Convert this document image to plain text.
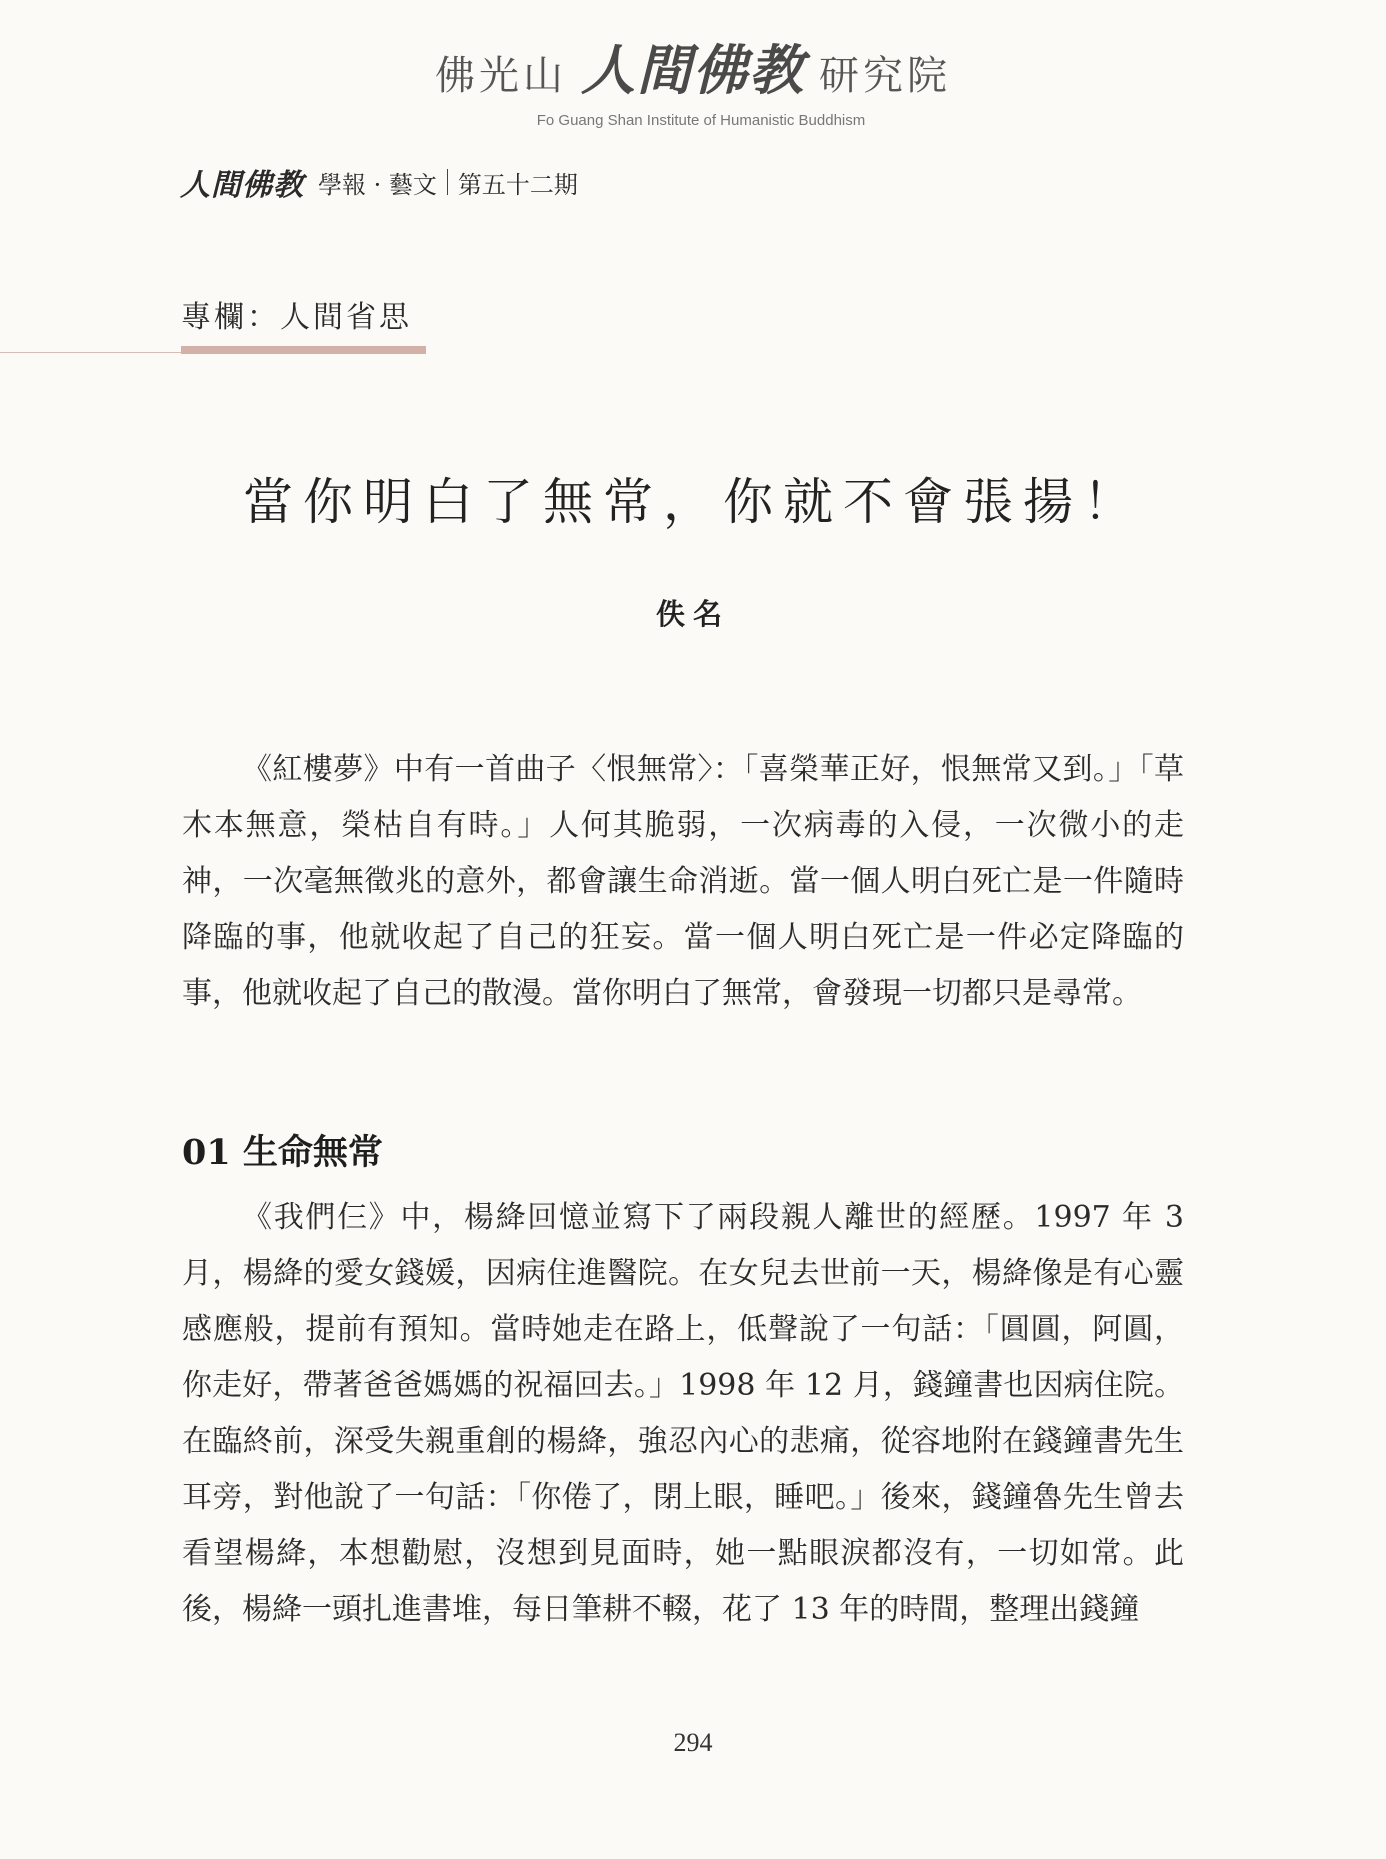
佛光山 人間佛教 研究院
Fo Guang Shan Institute of Humanistic Buddhism
人間佛教 學報 · 藝文 第五十二期
專欄：人間省思
當你明白了無常，你就不會張揚！
佚名

《紅樓夢》中有一首曲子〈恨無常〉：「喜榮華正好，恨無常又到。」「草木本無意，榮枯自有時。」人何其脆弱，一次病毒的入侵，一次微小的走神，一次毫無徵兆的意外，都會讓生命消逝。當一個人明白死亡是一件隨時降臨的事，他就收起了自己的狂妄。當一個人明白死亡是一件必定降臨的事，他就收起了自己的散漫。當你明白了無常，會發現一切都只是尋常。

01 生命無常

《我們仨》中，楊絳回憶並寫下了兩段親人離世的經歷。1997 年 3 月，楊絳的愛女錢媛，因病住進醫院。在女兒去世前一天，楊絳像是有心靈感應般，提前有預知。當時她走在路上，低聲說了一句話：「圓圓，阿圓，你走好，帶著爸爸媽媽的祝福回去。」1998 年 12 月，錢鐘書也因病住院。在臨終前，深受失親重創的楊絳，強忍內心的悲痛，從容地附在錢鐘書先生耳旁，對他說了一句話：「你倦了，閉上眼，睡吧。」後來，錢鐘魯先生曾去看望楊絳，本想勸慰，沒想到見面時，她一點眼淚都沒有，一切如常。此後，楊絳一頭扎進書堆，每日筆耕不輟，花了 13 年的時間，整理出錢鐘

294
